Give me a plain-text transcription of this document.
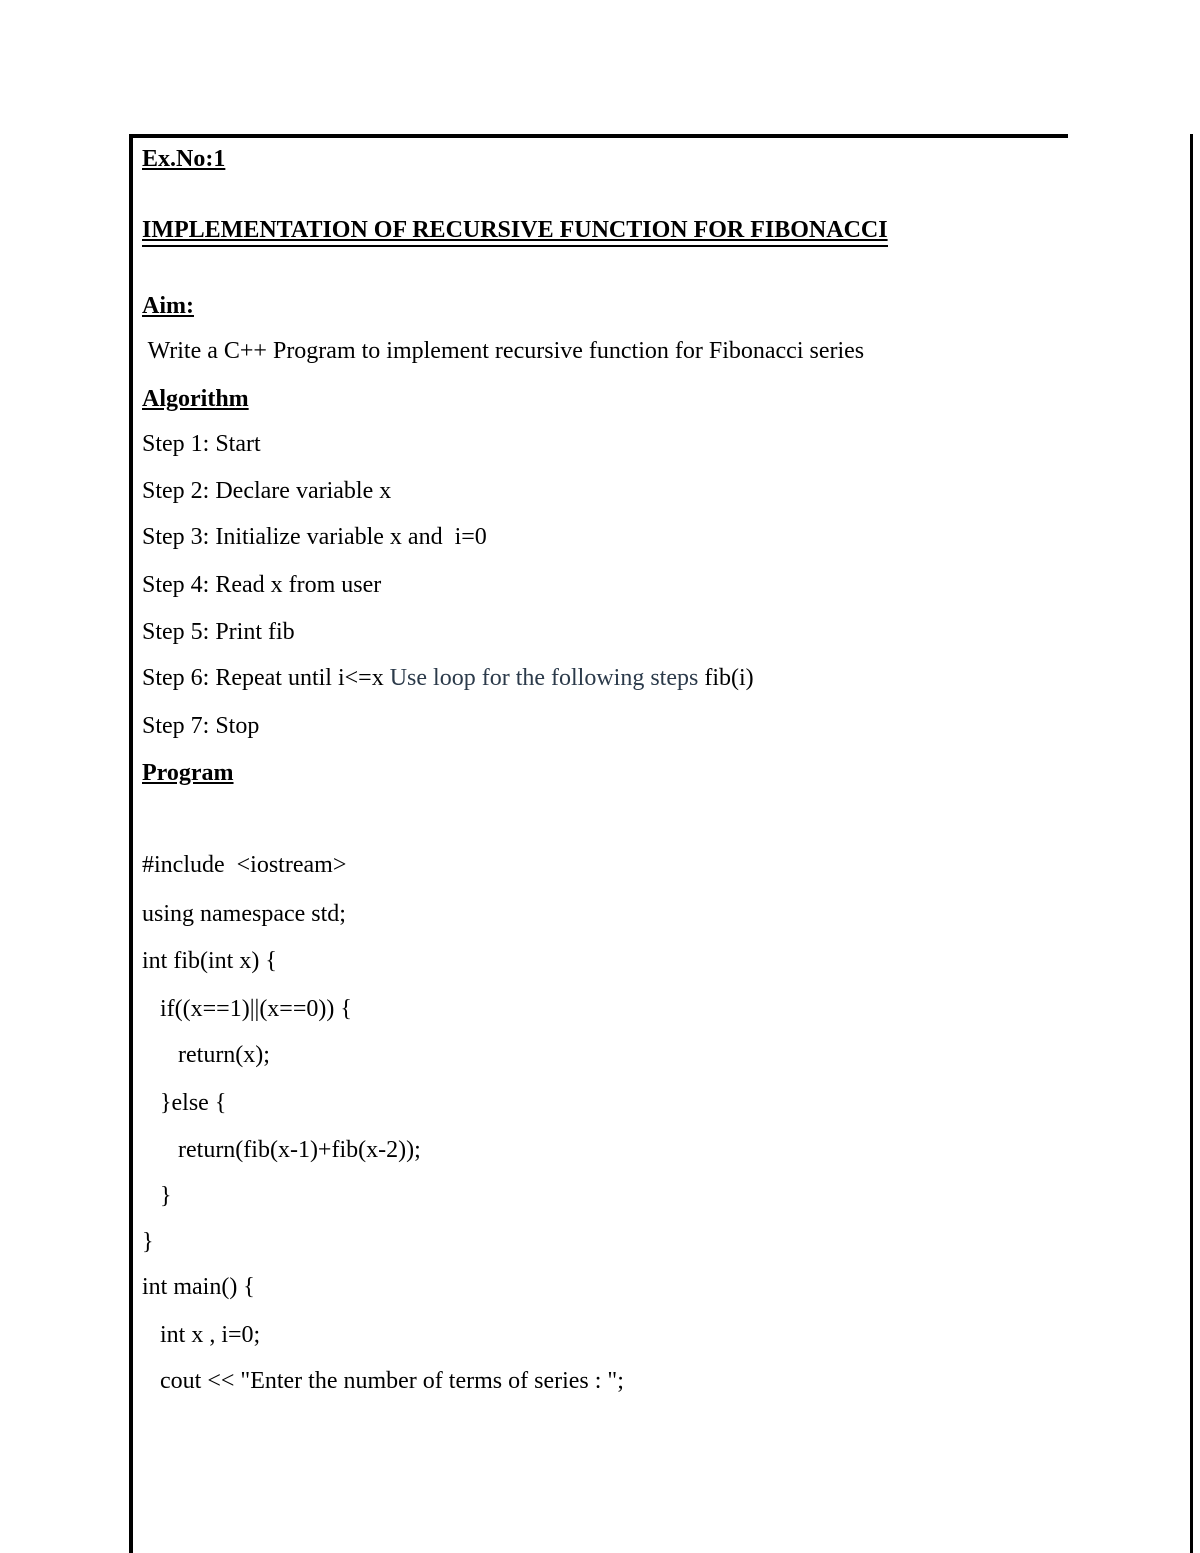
Ex.No:1
IMPLEMENTATION OF RECURSIVE FUNCTION FOR FIBONACCI
Aim:
Write a C++ Program to implement recursive function for Fibonacci series
Algorithm
Step 1: Start
Step 2: Declare variable x
Step 3: Initialize variable x and  i=0
Step 4: Read x from user
Step 5: Print fib
Step 6: Repeat until i<=x Use loop for the following steps fib(i)
Step 7: Stop
Program
#include  <iostream>
using namespace std;
int fib(int x) {
if((x==1)||(x==0)) {
return(x);
}else {
return(fib(x-1)+fib(x-2));
}
}
int main() {
int x , i=0;
cout << "Enter the number of terms of series : ";
